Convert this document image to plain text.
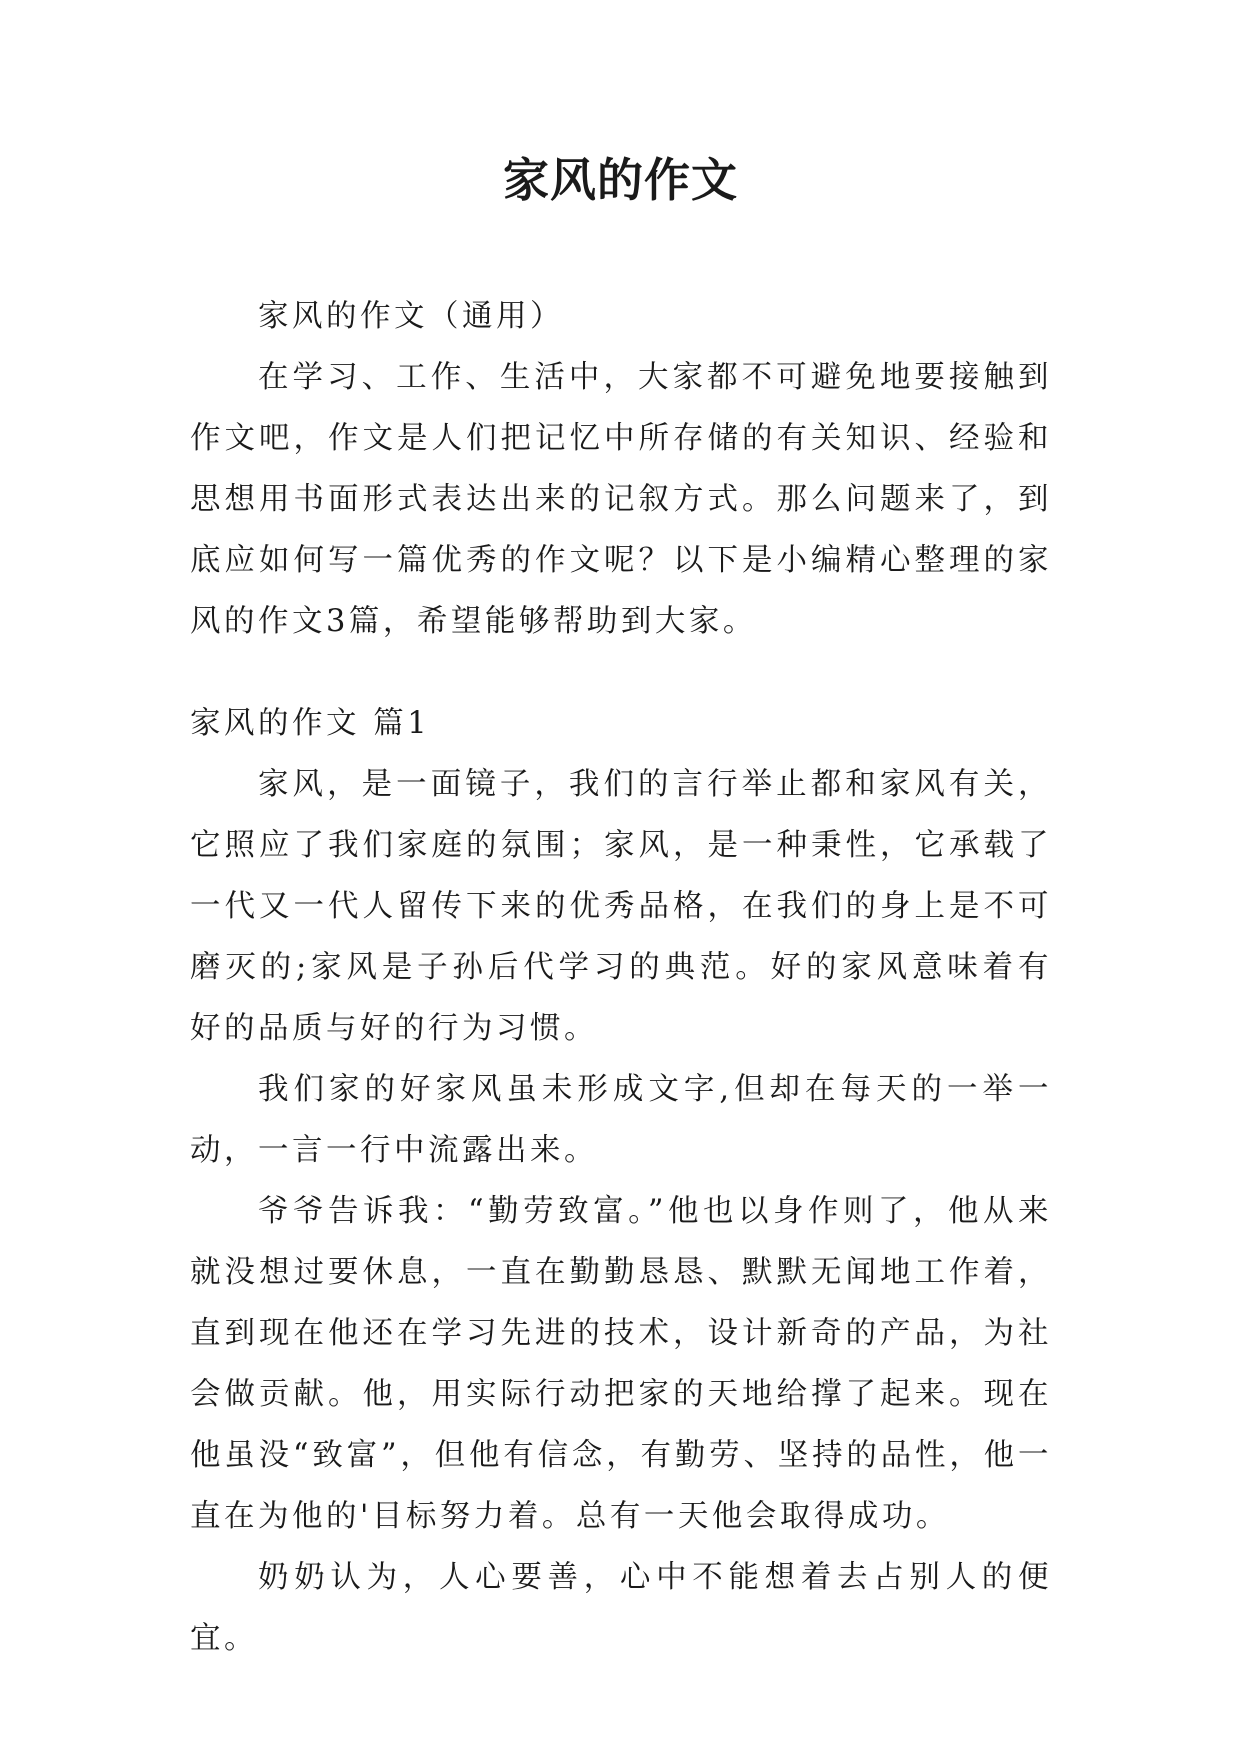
家风的作文

家风的作文（通用）

在学习、工作、生活中，大家都不可避免地要接触到作文吧，作文是人们把记忆中所存储的有关知识、经验和思想用书面形式表达出来的记叙方式。那么问题来了，到底应如何写一篇优秀的作文呢？以下是小编精心整理的家风的作文3篇，希望能够帮助到大家。

家风的作文 篇1

家风，是一面镜子，我们的言行举止都和家风有关，它照应了我们家庭的氛围；家风，是一种秉性，它承载了一代又一代人留传下来的优秀品格，在我们的身上是不可磨灭的;家风是子孙后代学习的典范。好的家风意味着有好的品质与好的行为习惯。

我们家的好家风虽未形成文字,但却在每天的一举一动，一言一行中流露出来。

爷爷告诉我：“勤劳致富。”他也以身作则了，他从来就没想过要休息，一直在勤勤恳恳、默默无闻地工作着，直到现在他还在学习先进的技术，设计新奇的产品，为社会做贡献。他，用实际行动把家的天地给撑了起来。现在他虽没“致富”，但他有信念，有勤劳、坚持的品性，他一直在为他的'目标努力着。总有一天他会取得成功。

奶奶认为，人心要善，心中不能想着去占别人的便宜。
